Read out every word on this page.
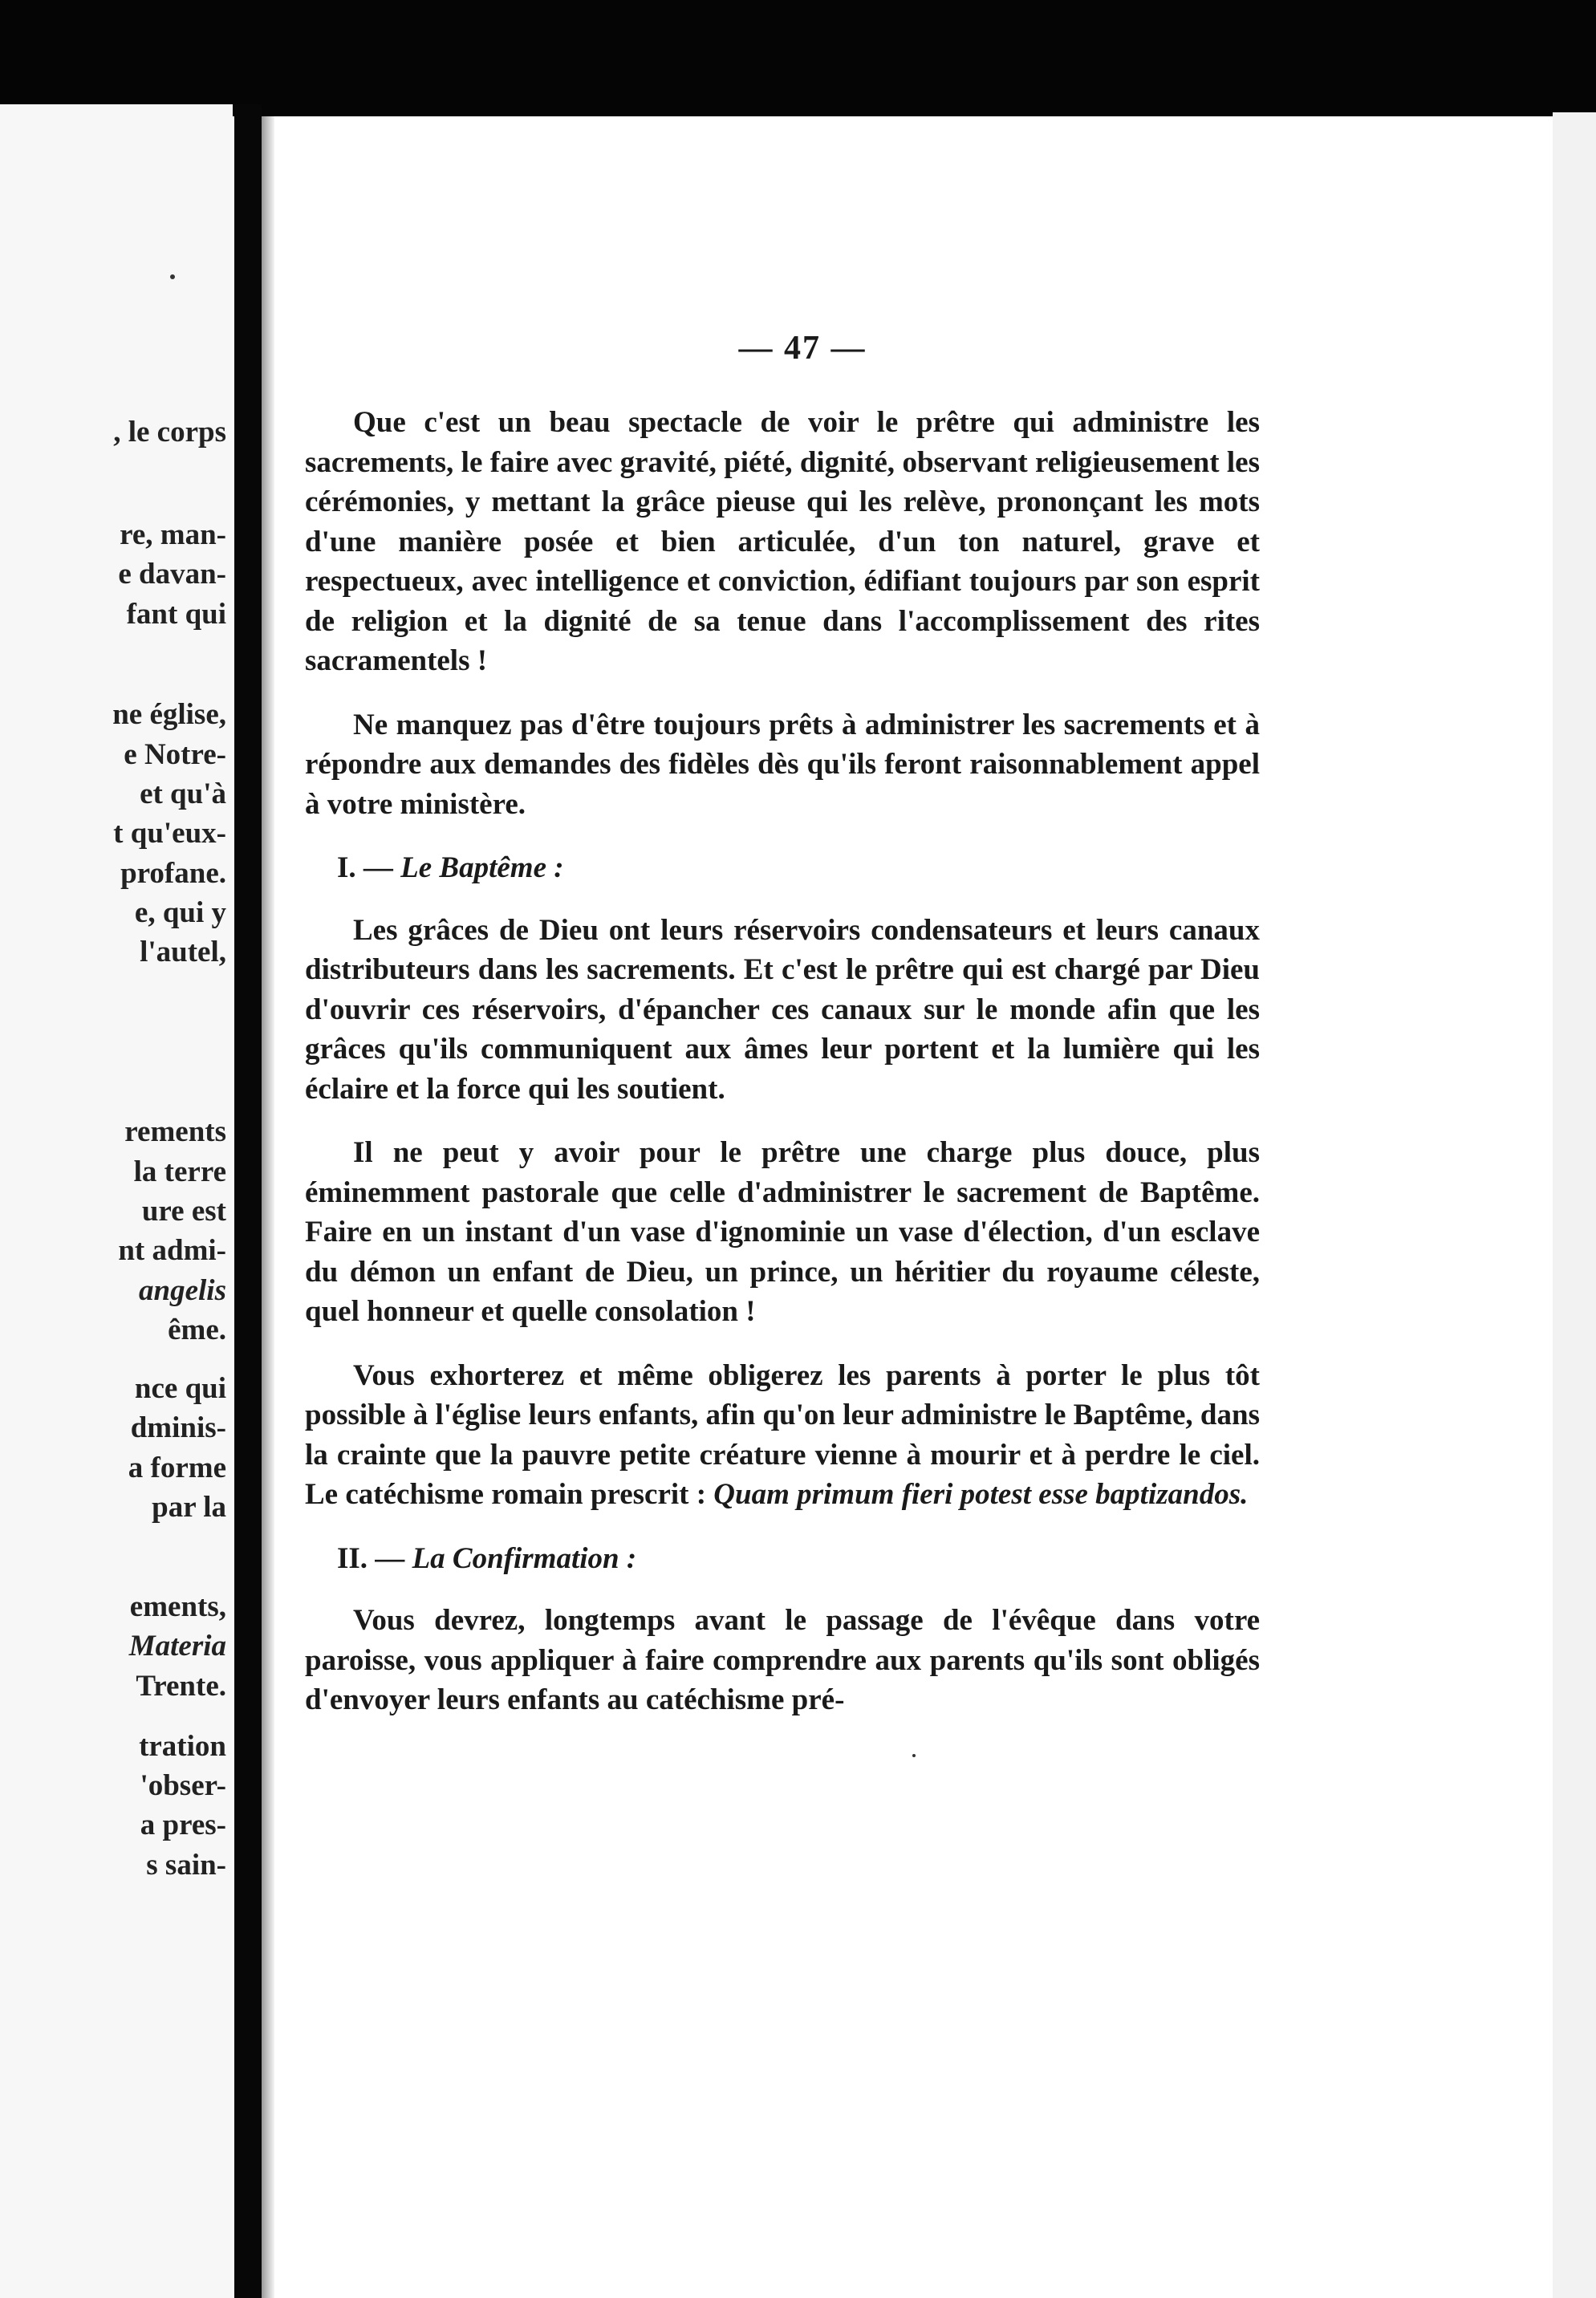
, le corps
re, man-
e davan-
fant qui
ne église,
e Notre-
et qu'à
t qu'eux-
profane.
e, qui y
l'autel,
rements
la terre
ure est
nt admi-
angelis
ême.
nce qui
dminis-
a forme
par la
ements,
Materia
Trente.
tration
'obser-
a pres-
s sain-
— 47 —

Que c'est un beau spectacle de voir le prêtre qui administre les sacrements, le faire avec gravité, piété, dignité, observant religieusement les cérémonies, y mettant la grâce pieuse qui les relève, prononçant les mots d'une manière posée et bien articulée, d'un ton naturel, grave et respectueux, avec intelligence et conviction, édifiant toujours par son esprit de religion et la dignité de sa tenue dans l'accomplissement des rites sacramentels !

Ne manquez pas d'être toujours prêts à administrer les sacrements et à répondre aux demandes des fidèles dès qu'ils feront raisonnablement appel à votre ministère.

I. — Le Baptême :

Les grâces de Dieu ont leurs réservoirs condensateurs et leurs canaux distributeurs dans les sacrements. Et c'est le prêtre qui est chargé par Dieu d'ouvrir ces réservoirs, d'épancher ces canaux sur le monde afin que les grâces qu'ils communiquent aux âmes leur portent et la lumière qui les éclaire et la force qui les soutient.

Il ne peut y avoir pour le prêtre une charge plus douce, plus éminemment pastorale que celle d'administrer le sacrement de Baptême. Faire en un instant d'un vase d'ignominie un vase d'élection, d'un esclave du démon un enfant de Dieu, un prince, un héritier du royaume céleste, quel honneur et quelle consolation !

Vous exhorterez et même obligerez les parents à porter le plus tôt possible à l'église leurs enfants, afin qu'on leur administre le Baptême, dans la crainte que la pauvre petite créature vienne à mourir et à perdre le ciel. Le catéchisme romain prescrit : Quam primum fieri potest esse baptizandos.

II. — La Confirmation :

Vous devrez, longtemps avant le passage de l'évêque dans votre paroisse, vous appliquer à faire comprendre aux parents qu'ils sont obligés d'envoyer leurs enfants au catéchisme pré-
